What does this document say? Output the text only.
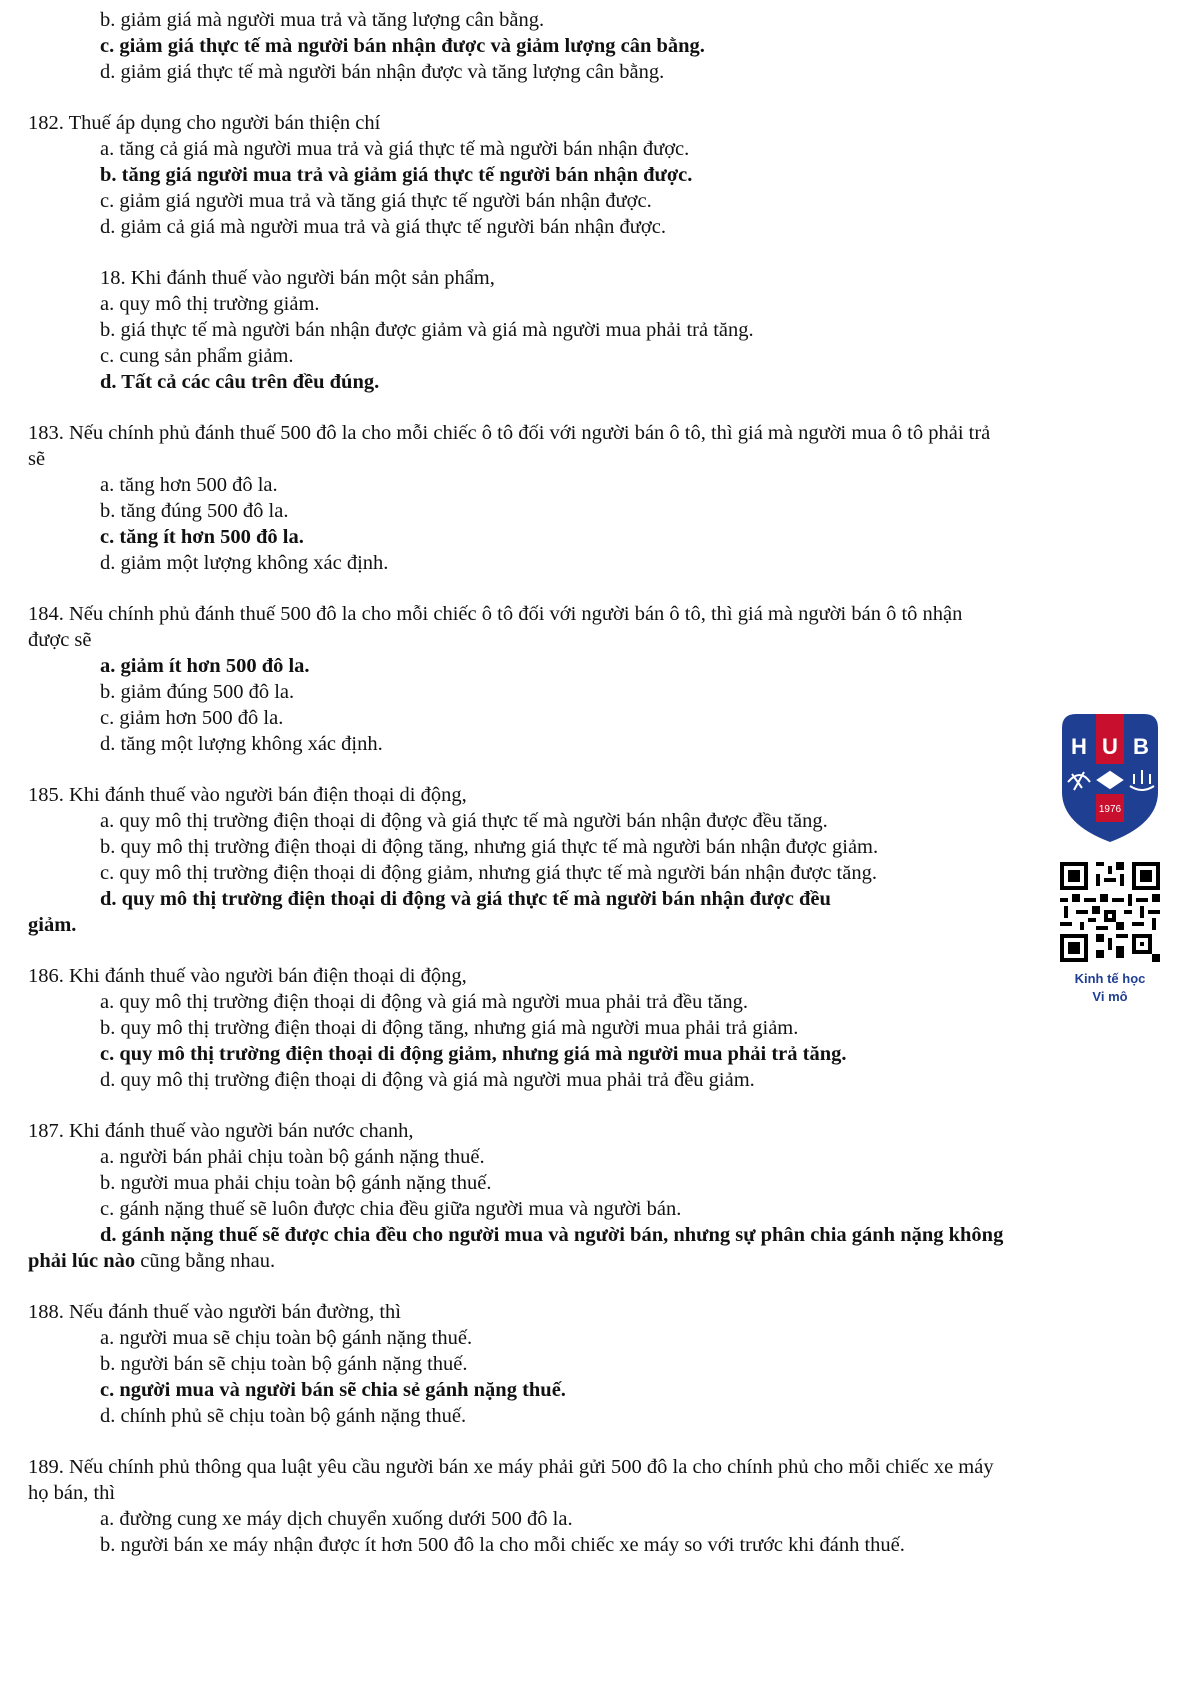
b. giảm giá mà người mua trả và tăng lượng cân bằng.
c. giảm giá thực tế mà người bán nhận được và giảm lượng cân bằng.
d. giảm giá thực tế mà người bán nhận được và tăng lượng cân bằng.
182. Thuế áp dụng cho người bán thiện chí
a. tăng cả giá mà người mua trả và giá thực tế mà người bán nhận được.
b. tăng giá người mua trả và giảm giá thực tế người bán nhận được.
c. giảm giá người mua trả và tăng giá thực tế người bán nhận được.
d. giảm cả giá mà người mua trả và giá thực tế người bán nhận được.
18. Khi đánh thuế vào người bán một sản phẩm,
a. quy mô thị trường giảm.
b. giá thực tế mà người bán nhận được giảm và giá mà người mua phải trả tăng.
c. cung sản phẩm giảm.
d. Tất cả các câu trên đều đúng.
183. Nếu chính phủ đánh thuế 500 đô la cho mỗi chiếc ô tô đối với người bán ô tô, thì giá mà người mua ô tô phải trả
sẽ
a. tăng hơn 500 đô la.
b. tăng đúng 500 đô la.
c. tăng ít hơn 500 đô la.
d. giảm một lượng không xác định.
184. Nếu chính phủ đánh thuế 500 đô la cho mỗi chiếc ô tô đối với người bán ô tô, thì giá mà người bán ô tô nhận
được sẽ
a. giảm ít hơn 500 đô la.
b. giảm đúng 500 đô la.
c. giảm hơn 500 đô la.
d. tăng một lượng không xác định.
185. Khi đánh thuế vào người bán điện thoại di động,
a. quy mô thị trường điện thoại di động và giá thực tế mà người bán nhận được đều tăng.
b. quy mô thị trường điện thoại di động tăng, nhưng giá thực tế mà người bán nhận được giảm.
c. quy mô thị trường điện thoại di động giảm, nhưng giá thực tế mà người bán nhận được tăng.
d. quy mô thị trường điện thoại di động và giá thực tế mà người bán nhận được đều
giảm.
186. Khi đánh thuế vào người bán điện thoại di động,
a. quy mô thị trường điện thoại di động và giá mà người mua phải trả đều tăng.
b. quy mô thị trường điện thoại di động tăng, nhưng giá mà người mua phải trả giảm.
c. quy mô thị trường điện thoại di động giảm, nhưng giá mà người mua phải trả tăng.
d. quy mô thị trường điện thoại di động và giá mà người mua phải trả đều giảm.
187. Khi đánh thuế vào người bán nước chanh,
a. người bán phải chịu toàn bộ gánh nặng thuế.
b. người mua phải chịu toàn bộ gánh nặng thuế.
c. gánh nặng thuế sẽ luôn được chia đều giữa người mua và người bán.
d. gánh nặng thuế sẽ được chia đều cho người mua và người bán, nhưng sự phân chia gánh nặng không
phải lúc nào cũng bằng nhau.
188. Nếu đánh thuế vào người bán đường, thì
a. người mua sẽ chịu toàn bộ gánh nặng thuế.
b. người bán sẽ chịu toàn bộ gánh nặng thuế.
c. người mua và người bán sẽ chia sẻ gánh nặng thuế.
d. chính phủ sẽ chịu toàn bộ gánh nặng thuế.
189. Nếu chính phủ thông qua luật yêu cầu người bán xe máy phải gửi 500 đô la cho chính phủ cho mỗi chiếc xe máy
họ bán, thì
a. đường cung xe máy dịch chuyển xuống dưới 500 đô la.
b. người bán xe máy nhận được ít hơn 500 đô la cho mỗi chiếc xe máy so với trước khi đánh thuế.
H U B
1976
Kinh tế học
Vi mô
